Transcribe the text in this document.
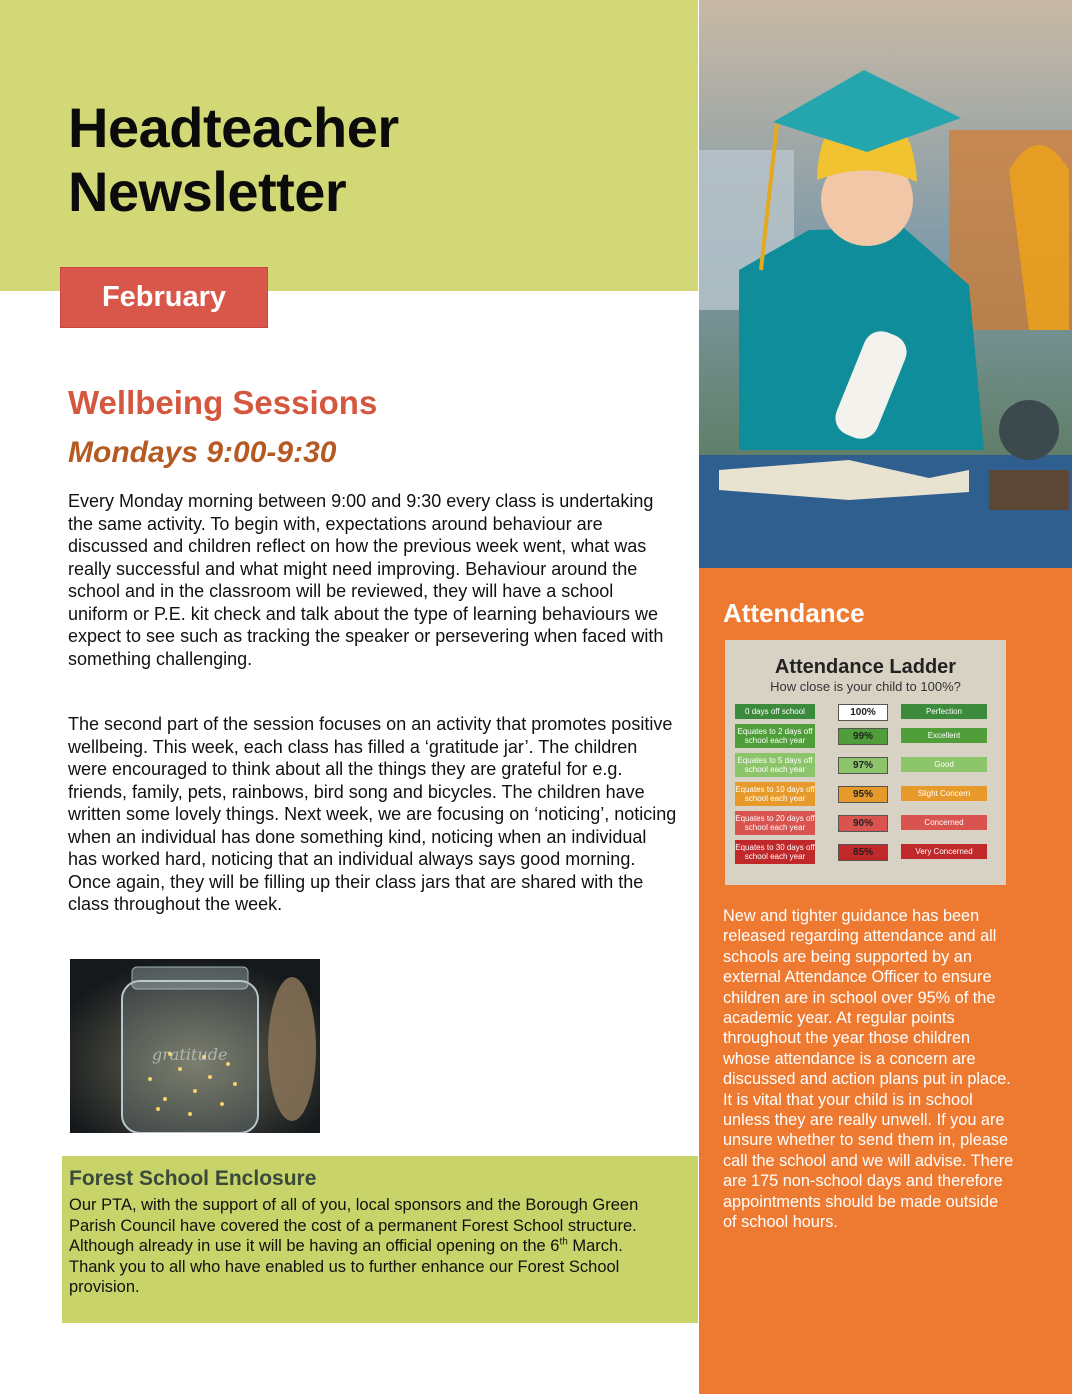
Headteacher
Newsletter
February
Wellbeing Sessions
Mondays 9:00-9:30

Every Monday morning between 9:00 and 9:30 every class is undertaking the same activity. To begin with, expectations around behaviour are discussed and children reflect on how the previous week went, what was really successful and what might need improving. Behaviour around the school and in the classroom will be reviewed, they will have a school uniform or P.E. kit check and talk about the type of learning behaviours we expect to see such as tracking the speaker or persevering when faced with something challenging.

The second part of the session focuses on an activity that promotes positive wellbeing. This week, each class has filled a ‘gratitude jar’. The children were encouraged to think about all the things they are grateful for e.g. friends, family, pets, rainbows, bird song and bicycles. The children have written some lovely things. Next week, we are focusing on ‘noticing’, noticing when an individual has done something kind, noticing when an individual has worked hard, noticing that an individual always says good morning. Once again, they will be filling up their class jars that are shared with the class throughout the week.

gratitude
Forest School Enclosure

Our PTA, with the support of all of you, local sponsors and the Borough Green Parish Council have covered the cost of a permanent Forest School structure. Although already in use it will be having an official opening on the 6th March. Thank you to all who have enabled us to further enhance our Forest School provision.

Attendance

Attendance Ladder

How close is your child to 100%?

0 days off school	100%	Perfection
Equates to 2 days off school each year	99%	Excellent
Equates to 5 days off school each year	97%	Good
Equates to 10 days off school each year	95%	Slight Concern
Equates to 20 days off school each year	90%	Concerned
Equates to 30 days off school each year	85%	Very Concerned

New and tighter guidance has been released regarding attendance and all schools are being supported by an external Attendance Officer to ensure children are in school over 95% of the academic year. At regular points throughout the year those children whose attendance is a concern are discussed and action plans put in place. It is vital that your child is in school unless they are really unwell. If you are unsure whether to send them in, please call the school and we will advise. There are 175 non-school days and therefore appointments should be made outside of school hours.
